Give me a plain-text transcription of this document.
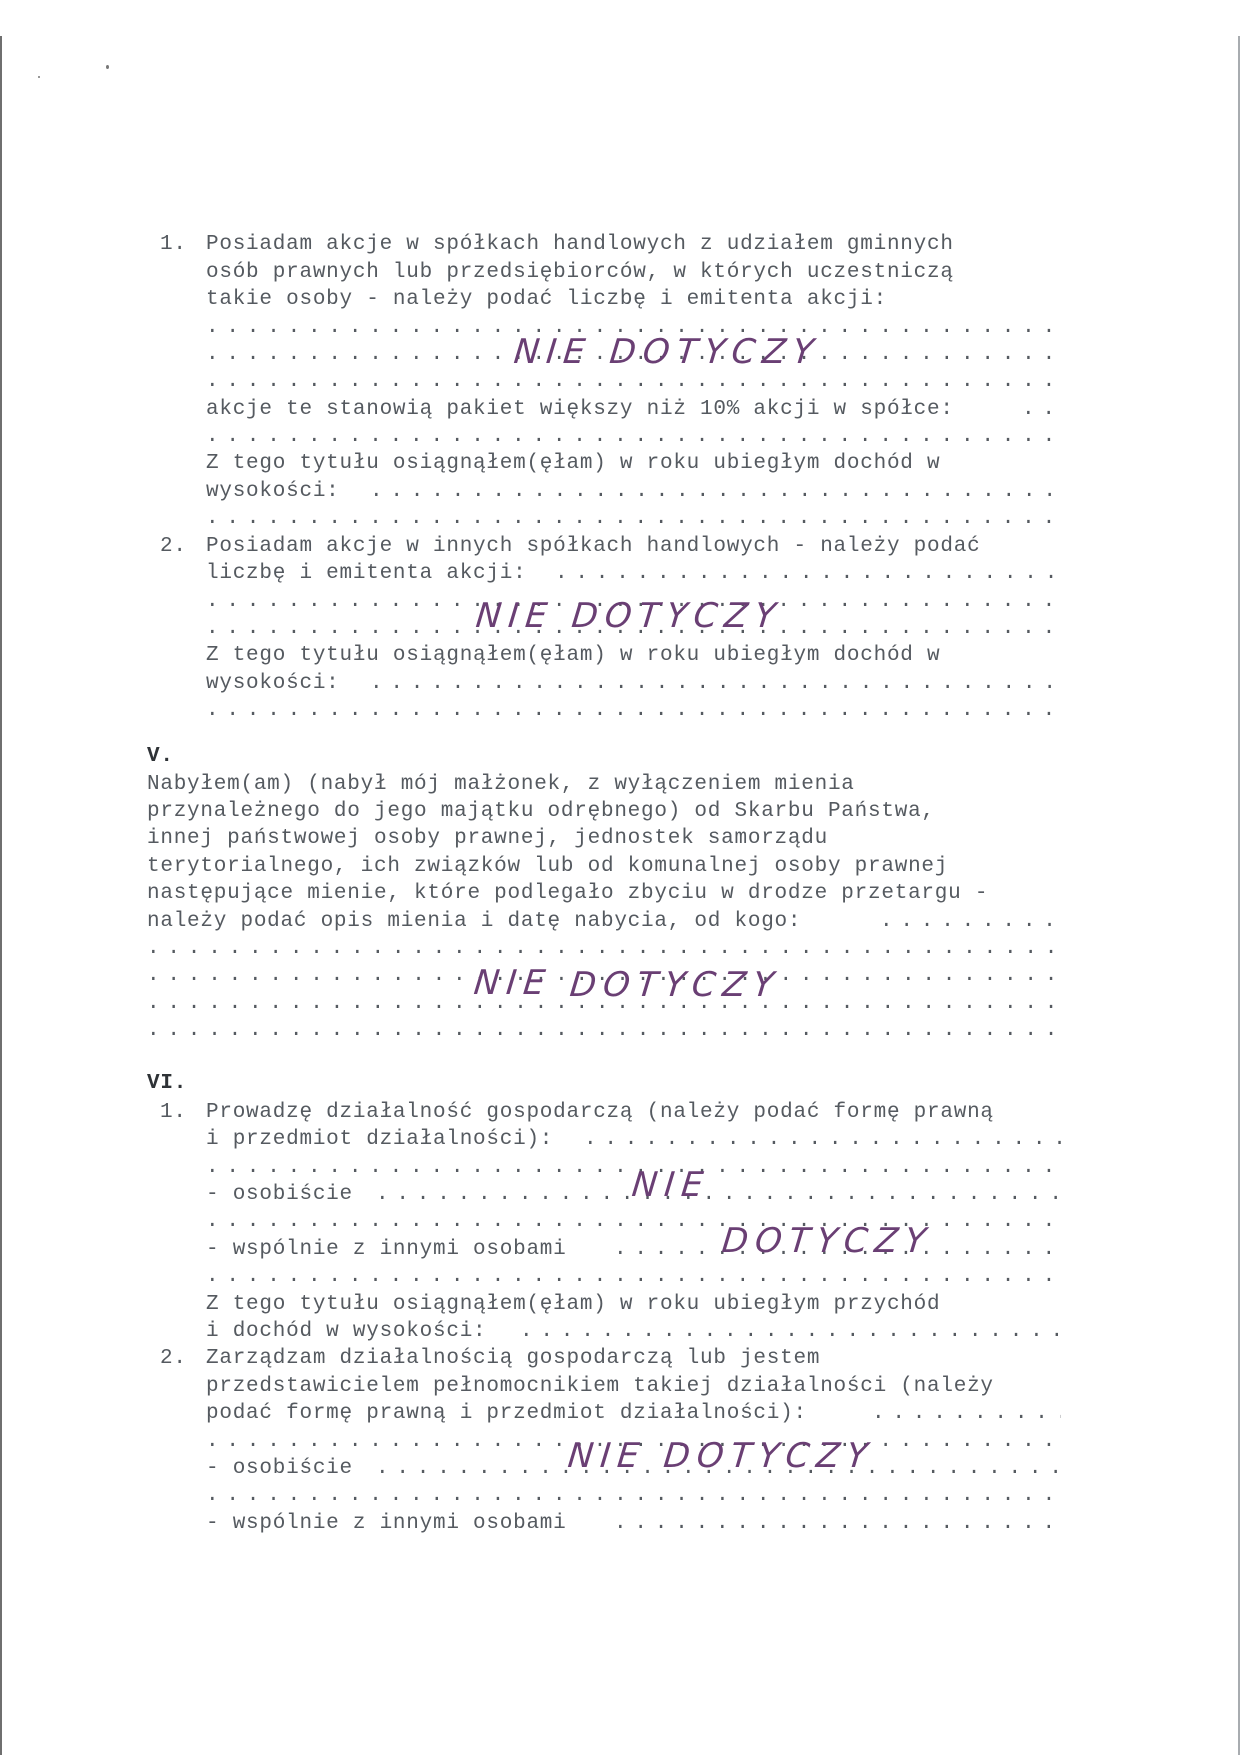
1. Posiadam akcje w spółkach handlowych z udziałem gminnych
osób prawnych lub przedsiębiorców, w których uczestniczą
takie osoby - należy podać liczbę i emitenta akcji:
. . .
. . .
. . .
akcje te stanowią pakiet większy niż 10% akcji w spółce:
. . .
. . .
Z tego tytułu osiągnąłem(ęłam) w roku ubiegłym dochód w
wysokości:
. . .
. . .
NIE DOTYCZY
2. Posiadam akcje w innych spółkach handlowych - należy podać
liczbę i emitenta akcji:
. . .
. . .
. . .
Z tego tytułu osiągnąłem(ęłam) w roku ubiegłym dochód w
wysokości:
. . .
. . .
NIE DOTYCZY
V.
Nabyłem(am) (nabył mój małżonek, z wyłączeniem mienia
przynależnego do jego majątku odrębnego) od Skarbu Państwa,
innej państwowej osoby prawnej, jednostek samorządu
terytorialnego, ich związków lub od komunalnej osoby prawnej
następujące mienie, które podlegało zbyciu w drodze przetargu -
należy podać opis mienia i datę nabycia, od kogo:
. . .
. . .
. . .
. . .
. . .
NIE DOTYCZY
VI.
1. Prowadzę działalność gospodarczą (należy podać formę prawną
i przedmiot działalności):
. . .
. . .
- osobiście
. . .
. . .
- wspólnie z innymi osobami
. . .
. . .
Z tego tytułu osiągnąłem(ęłam) w roku ubiegłym przychód
i dochód w wysokości:
. . .
NIE
DOTYCZY
2. Zarządzam działalnością gospodarczą lub jestem
przedstawicielem pełnomocnikiem takiej działalności (należy
podać formę prawną i przedmiot działalności):
. . .
. . .
- osobiście
. . .
. . .
- wspólnie z innymi osobami
. . .
NIE DOTYCZY
